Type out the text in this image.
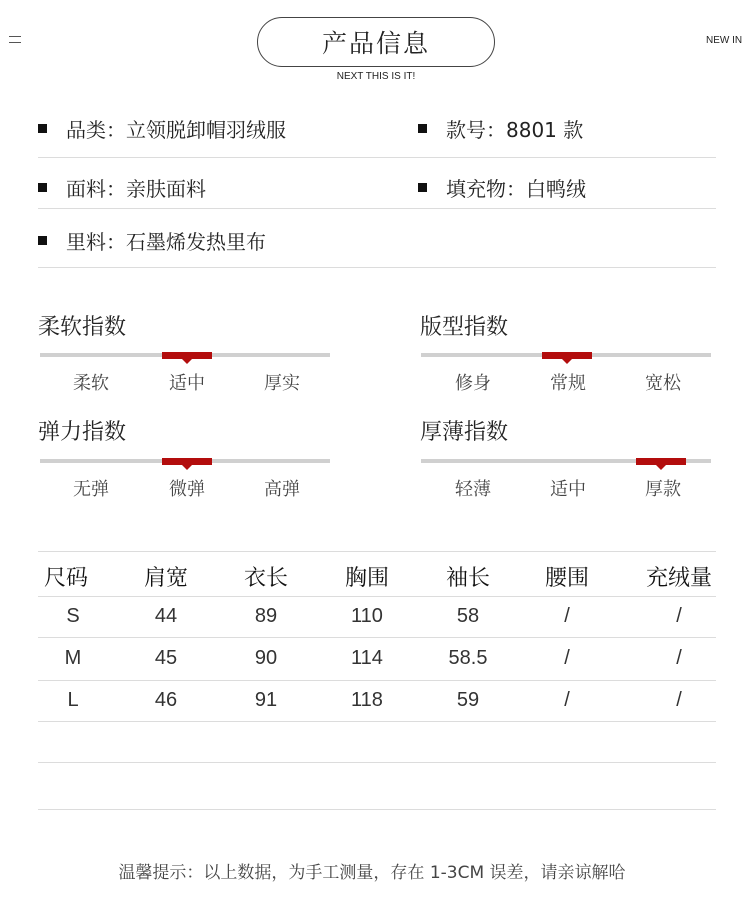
产品信息
NEXT THIS IS IT!
NEW IN
品类：立领脱卸帽羽绒服	款号：8801 款
面料：亲肤面料	填充物：白鸭绒
里料：石墨烯发热里布
柔软指数
柔软	适中	厚实
版型指数
修身	常规	宽松
弹力指数
无弹	微弹	高弹
厚薄指数
轻薄	适中	厚款
尺码	肩宽	衣长	胸围	袖长	腰围	充绒量
S	44	89	110	58	/	/
M	45	90	114	58.5	/	/
L	46	91	118	59	/	/
温馨提示：以上数据，为手工测量，存在 1-3CM 误差，请亲谅解哈
